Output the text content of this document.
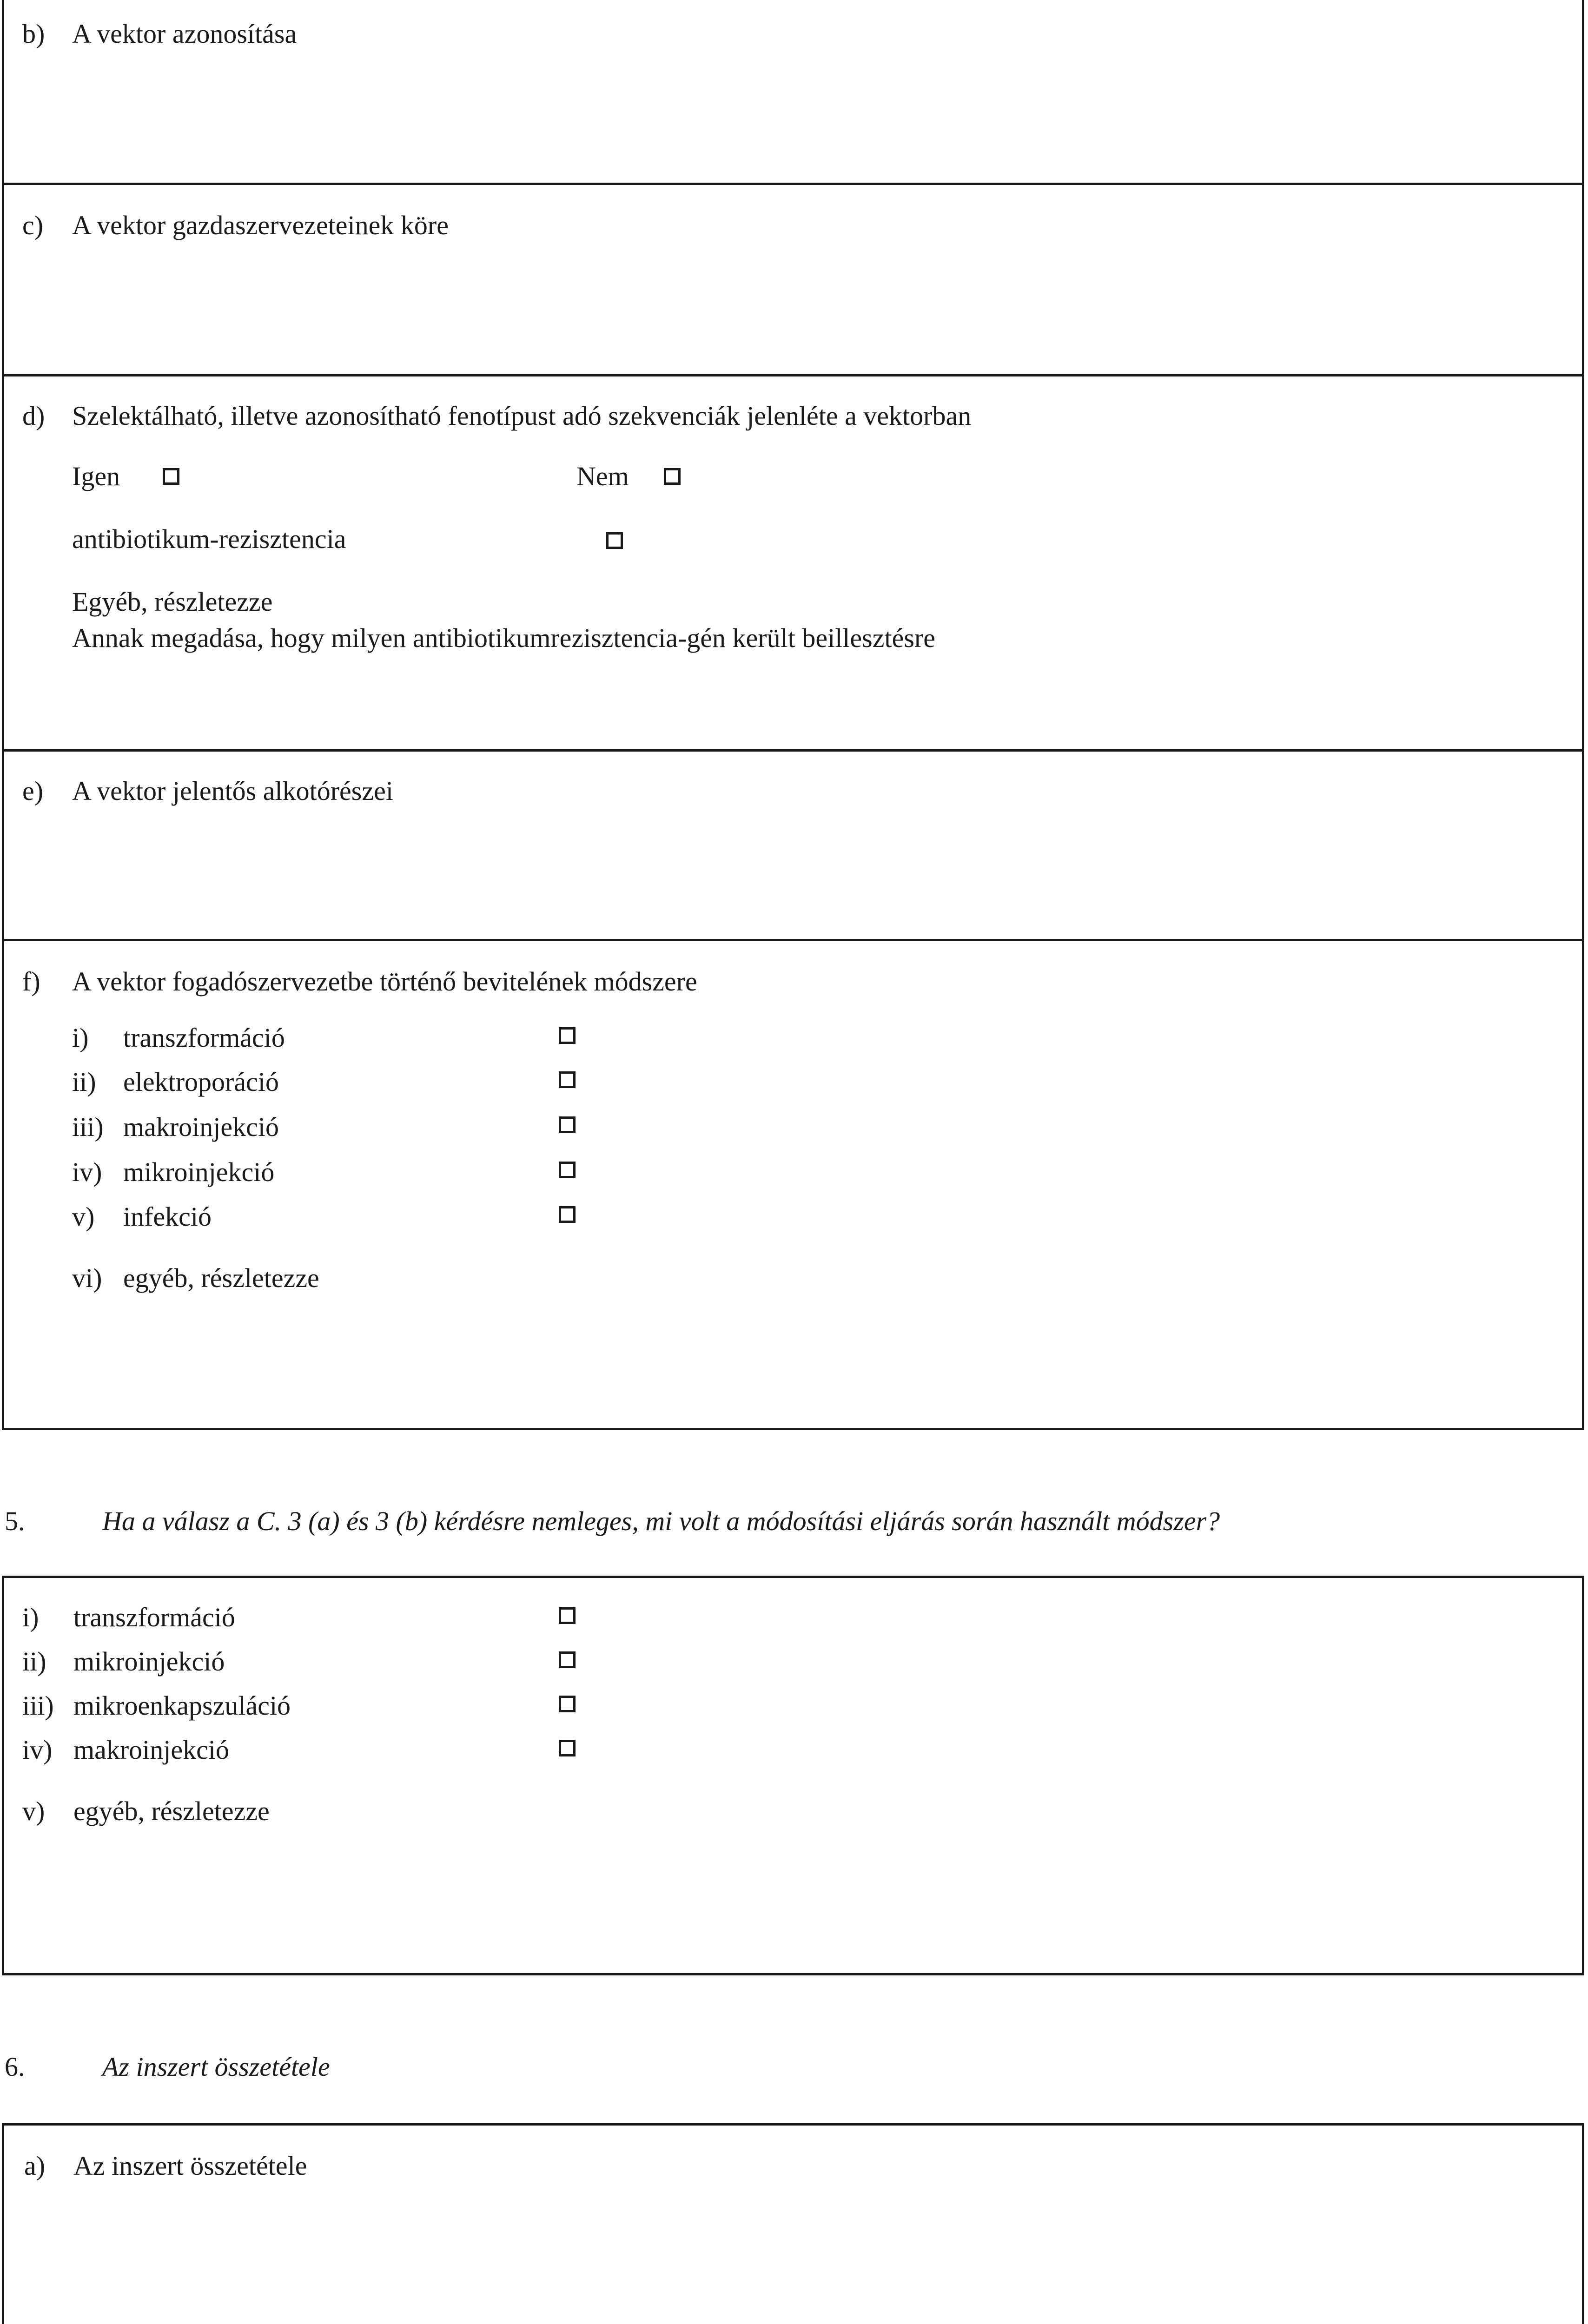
b) A vektor azonosítása
c) A vektor gazdaszervezeteinek köre
d) Szelektálható, illetve azonosítható fenotípust adó szekvenciák jelenléte a vektorban
Igen	Nem
antibiotikum-rezisztencia
Egyéb, részletezze
Annak megadása, hogy milyen antibiotikumrezisztencia-gén került beillesztésre
e) A vektor jelentős alkotórészei
f) A vektor fogadószervezetbe történő bevitelének módszere
i) transzformáció
ii) elektroporáció
iii) makroinjekció
iv) mikroinjekció
v) infekció
vi) egyéb, részletezze
5.	Ha a válasz a C. 3 (a) és 3 (b) kérdésre nemleges, mi volt a módosítási eljárás során használt módszer?
i) transzformáció
ii) mikroinjekció
iii) mikroenkapszuláció
iv) makroinjekció
v) egyéb, részletezze
6.	Az inszert összetétele
a) Az inszert összetétele
